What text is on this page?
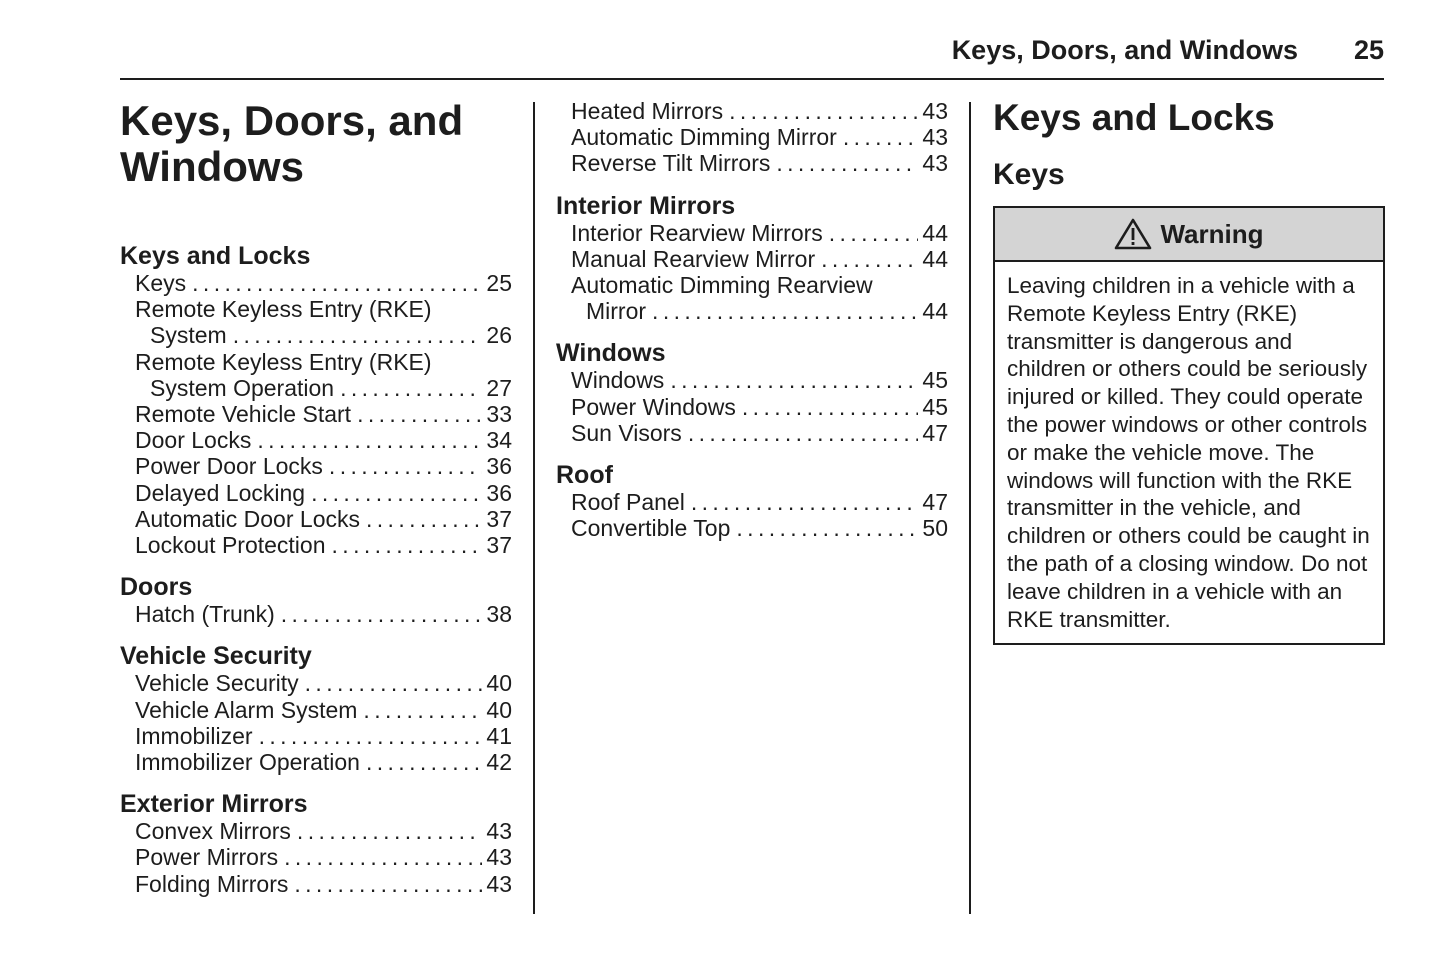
Keys, Doors, and Windows 25
Keys, Doors, and Windows
Keys and Locks
Keys . . .	25
Remote Keyless Entry (RKE)
System . . .	26
Remote Keyless Entry (RKE)
System Operation . . .	27
Remote Vehicle Start . . .	33
Door Locks . . .	34
Power Door Locks . . .	36
Delayed Locking . . .	36
Automatic Door Locks . . .	37
Lockout Protection . . .	37
Doors
Hatch (Trunk) . . .	38
Vehicle Security
Vehicle Security . . .	40
Vehicle Alarm System . . .	40
Immobilizer . . .	41
Immobilizer Operation . . .	42
Exterior Mirrors
Convex Mirrors . . .	43
Power Mirrors . . .	43
Folding Mirrors . . .	43
Heated Mirrors . . .	43
Automatic Dimming Mirror . . .	43
Reverse Tilt Mirrors . . .	43
Interior Mirrors
Interior Rearview Mirrors . . .	44
Manual Rearview Mirror . . .	44
Automatic Dimming Rearview
Mirror . . .	44
Windows
Windows . . .	45
Power Windows . . .	45
Sun Visors . . .	47
Roof
Roof Panel . . .	47
Convertible Top . . .	50
Keys and Locks
Keys
Warning
Leaving children in a vehicle with a Remote Keyless Entry (RKE) transmitter is dangerous and children or others could be seriously injured or killed. They could operate the power windows or other controls or make the vehicle move. The windows will function with the RKE transmitter in the vehicle, and children or others could be caught in the path of a closing window. Do not leave children in a vehicle with an RKE transmitter.
